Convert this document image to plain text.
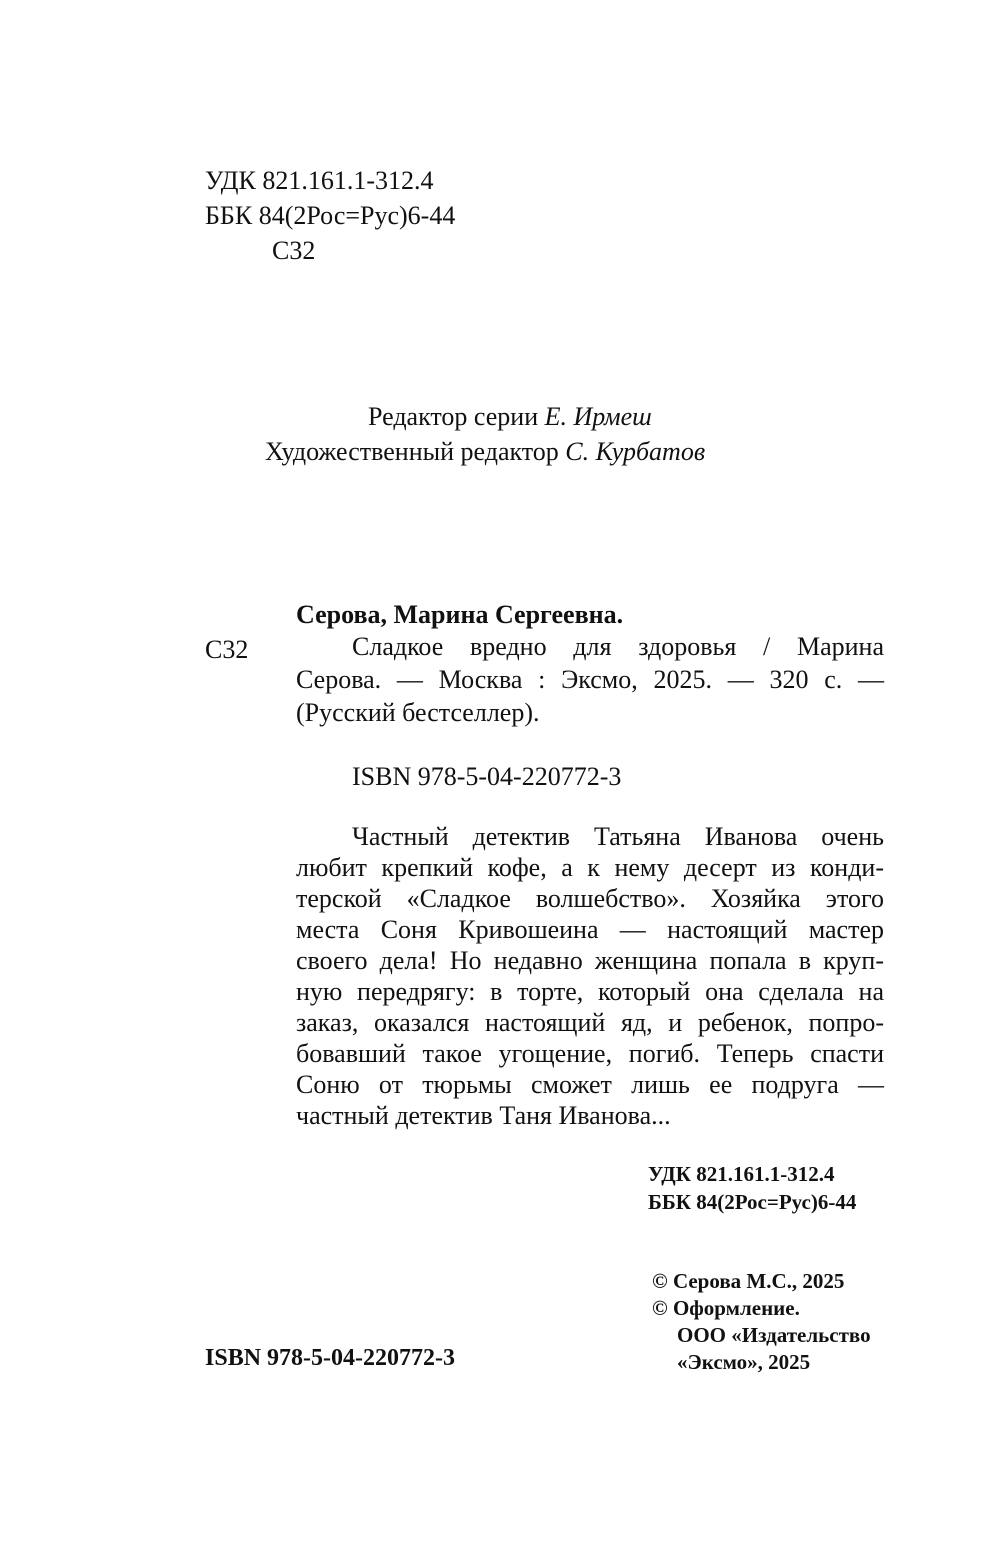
УДК 821.161.1-312.4
ББК 84(2Рос=Рус)6-44
С32
Редактор серии Е. Ирмеш
Художественный редактор С. Курбатов
Серова, Марина Сергеевна.
С32	Сладкое вредно для здоровья / Марина
Серова. — Москва : Эксмо, 2025. — 320 с. —
(Русский бестселлер).
ISBN 978-5-04-220772-3
Частный детектив Татьяна Иванова очень
любит крепкий кофе, а к нему десерт из конди-
терской «Сладкое волшебство». Хозяйка этого
места Соня Кривошеина — настоящий мастер
своего дела! Но недавно женщина попала в круп-
ную передрягу: в торте, который она сделала на
заказ, оказался настоящий яд, и ребенок, попро-
бовавший такое угощение, погиб. Теперь спасти
Соню от тюрьмы сможет лишь ее подруга —
частный детектив Таня Иванова...
УДК 821.161.1-312.4
ББК 84(2Рос=Рус)6-44
© Серова М.С., 2025
© Оформление.
ООО «Издательство
«Эксмо», 2025
ISBN 978-5-04-220772-3
